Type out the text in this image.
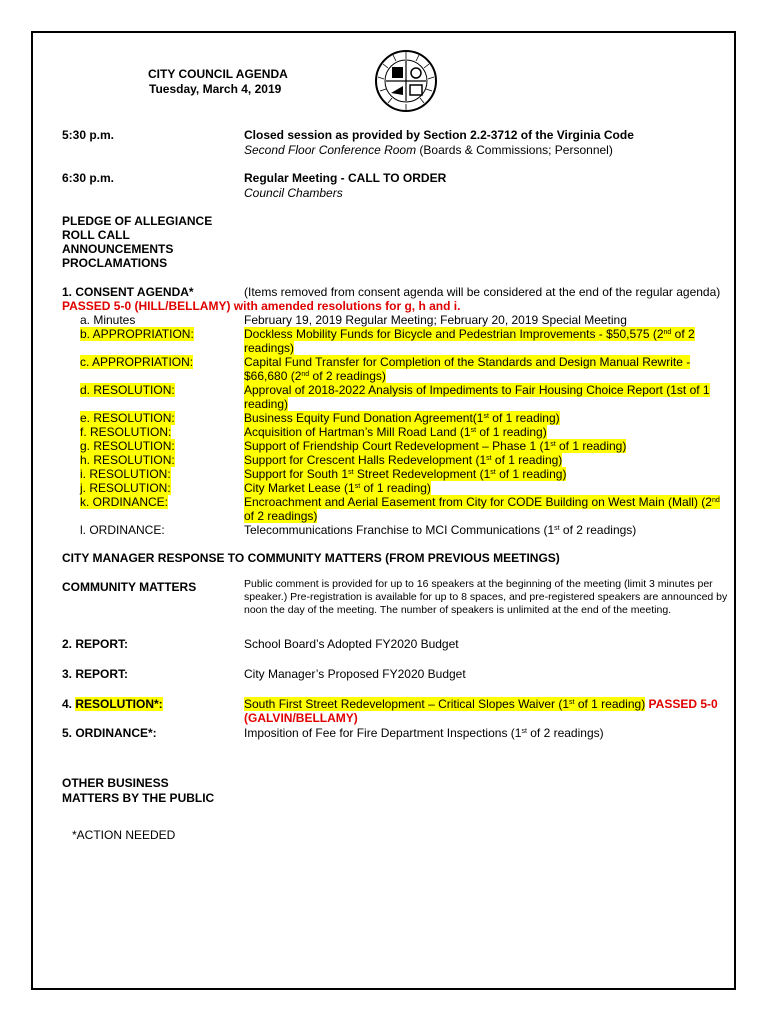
CITY COUNCIL AGENDA
Tuesday, March 4, 2019
5:30 p.m.	Closed session as provided by Section 2.2-3712 of the Virginia Code
Second Floor Conference Room (Boards & Commissions; Personnel)
6:30 p.m.	Regular Meeting - CALL TO ORDER
Council Chambers
PLEDGE OF ALLEGIANCE
ROLL CALL
ANNOUNCEMENTS
PROCLAMATIONS
1. CONSENT AGENDA*	(Items removed from consent agenda will be considered at the end of the regular agenda)
PASSED 5-0 (HILL/BELLAMY) with amended resolutions for g, h and i.
a. Minutes	February 19, 2019 Regular Meeting; February 20, 2019 Special Meeting
b. APPROPRIATION:	Dockless Mobility Funds for Bicycle and Pedestrian Improvements - $50,575 (2nd of 2
readings)
c. APPROPRIATION:	Capital Fund Transfer for Completion of the Standards and Design Manual Rewrite -
$66,680 (2nd of 2 readings)
d. RESOLUTION:	Approval of 2018-2022 Analysis of Impediments to Fair Housing Choice Report (1st of 1
reading)
e. RESOLUTION:	Business Equity Fund Donation Agreement(1st of 1 reading)
f. RESOLUTION:	Acquisition of Hartman’s Mill Road Land (1st of 1 reading)
g. RESOLUTION:	Support of Friendship Court Redevelopment – Phase 1 (1st of 1 reading)
h. RESOLUTION:	Support for Crescent Halls Redevelopment (1st of 1 reading)
i. RESOLUTION:	Support for South 1st Street Redevelopment (1st of 1 reading)
j. RESOLUTION:	City Market Lease (1st of 1 reading)
k. ORDINANCE:	Encroachment and Aerial Easement from City for CODE Building on West Main (Mall) (2nd
of 2 readings)
l. ORDINANCE:	Telecommunications Franchise to MCI Communications (1st of 2 readings)
CITY MANAGER RESPONSE TO COMMUNITY MATTERS (FROM PREVIOUS MEETINGS)
COMMUNITY MATTERS	Public comment is provided for up to 16 speakers at the beginning of the meeting (limit 3 minutes per speaker.) Pre-registration is available for up to 8 spaces, and pre-registered speakers are announced by noon the day of the meeting. The number of speakers is unlimited at the end of the meeting.
2. REPORT:	School Board’s Adopted FY2020 Budget
3. REPORT:	City Manager’s Proposed FY2020 Budget
4. RESOLUTION*:	South First Street Redevelopment – Critical Slopes Waiver (1st of 1 reading) PASSED 5-0
(GALVIN/BELLAMY)
5. ORDINANCE*:	Imposition of Fee for Fire Department Inspections (1st of 2 readings)
OTHER BUSINESS
MATTERS BY THE PUBLIC
*ACTION NEEDED
